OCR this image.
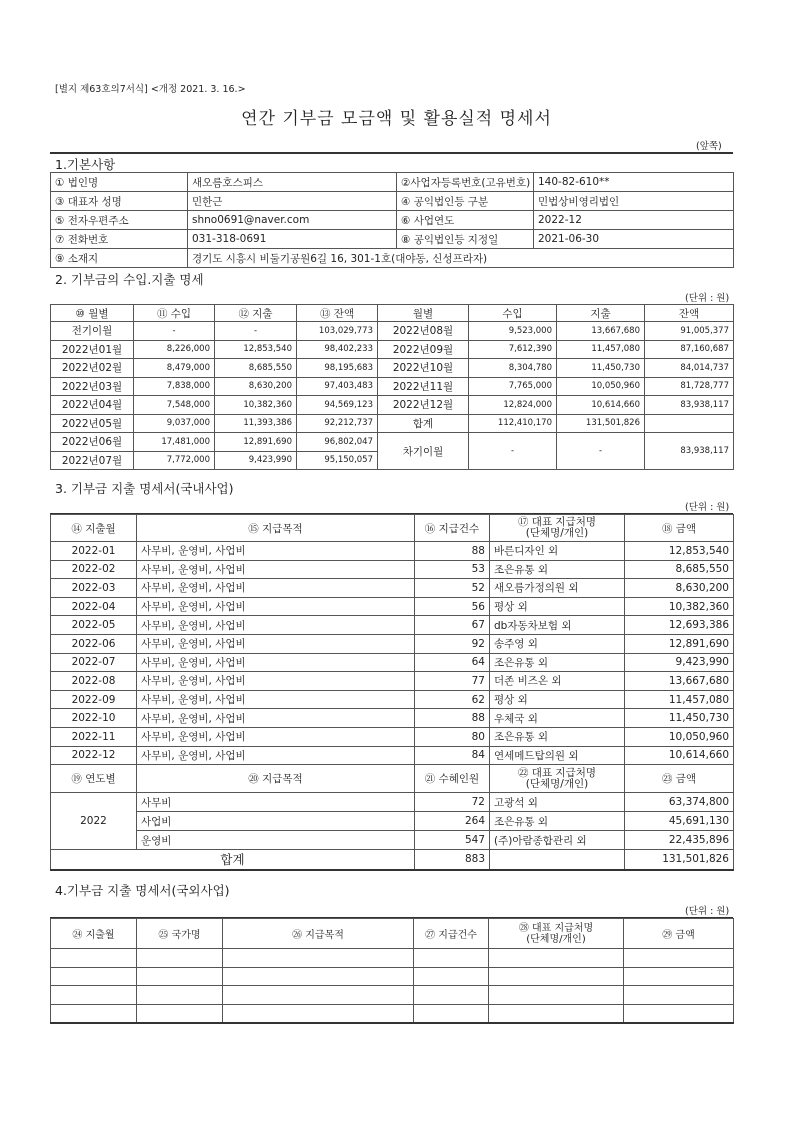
[별지 제63호의7서식] <개정 2021. 3. 16.>
연간 기부금 모금액 및 활용실적 명세서
(앞쪽)
1.기본사항
① 법인명	새오름호스피스	②사업자등록번호(고유번호)	140-82-610**
③ 대표자 성명	민한근	④ 공익법인등 구분	민법상비영리법인
⑤ 전자우편주소	shno0691@naver.com	⑥ 사업연도	2022-12
⑦ 전화번호	031-318-0691	⑧ 공익법인등 지정일	2021-06-30
⑨ 소재지	경기도 시흥시 비둘기공원6길 16, 301-1호(대야동, 신성프라자)		
2. 기부금의 수입.지출 명세
(단위 : 원)
⑩ 월별	⑪ 수입	⑫ 지출	⑬ 잔액	월별	수입	지출	잔액
전기이월	-	-	103,029,773	2022년08월	9,523,000	13,667,680	91,005,377
2022년01월	8,226,000	12,853,540	98,402,233	2022년09월	7,612,390	11,457,080	87,160,687
2022년02월	8,479,000	8,685,550	98,195,683	2022년10월	8,304,780	11,450,730	84,014,737
2022년03월	7,838,000	8,630,200	97,403,483	2022년11월	7,765,000	10,050,960	81,728,777
2022년04월	7,548,000	10,382,360	94,569,123	2022년12월	12,824,000	10,614,660	83,938,117
2022년05월	9,037,000	11,393,386	92,212,737	합계	112,410,170	131,501,826	
2022년06월	17,481,000	12,891,690	96,802,047	차기이월	-	-	83,938,117
2022년07월	7,772,000	9,423,990	95,150,057				
3. 기부금 지출 명세서(국내사업)
(단위 : 원)
⑭ 지출월	⑮ 지급목적	⑯ 지급건수	⑰ 대표 지급처명
(단체명/개인)	⑱ 금액
2022-01	사무비, 운영비, 사업비	88	바른디자인 외	12,853,540
2022-02	사무비, 운영비, 사업비	53	조은유통 외	8,685,550
2022-03	사무비, 운영비, 사업비	52	새오름가정의원 외	8,630,200
2022-04	사무비, 운영비, 사업비	56	평상 외	10,382,360
2022-05	사무비, 운영비, 사업비	67	db자동차보험 외	12,693,386
2022-06	사무비, 운영비, 사업비	92	송주영 외	12,891,690
2022-07	사무비, 운영비, 사업비	64	조은유통 외	9,423,990
2022-08	사무비, 운영비, 사업비	77	더존 비즈온 외	13,667,680
2022-09	사무비, 운영비, 사업비	62	평상 외	11,457,080
2022-10	사무비, 운영비, 사업비	88	우체국 외	11,450,730
2022-11	사무비, 운영비, 사업비	80	조은유통 외	10,050,960
2022-12	사무비, 운영비, 사업비	84	연세메드탑의원 외	10,614,660
⑲ 연도별	⑳ 지급목적	㉑ 수혜인원	㉒ 대표 지급처명
(단체명/개인)	㉓ 금액
2022	사무비	72	고광석 외	63,374,800
	사업비	264	조은유통 외	45,691,130
	운영비	547	(주)아람종합관리 외	22,435,896
합계		883		131,501,826
4.기부금 지출 명세서(국외사업)
(단위 : 원)
㉔ 지출월	㉕ 국가명	㉖ 지급목적	㉗ 지급건수	㉘ 대표 지급처명
(단체명/개인)	㉙ 금액
